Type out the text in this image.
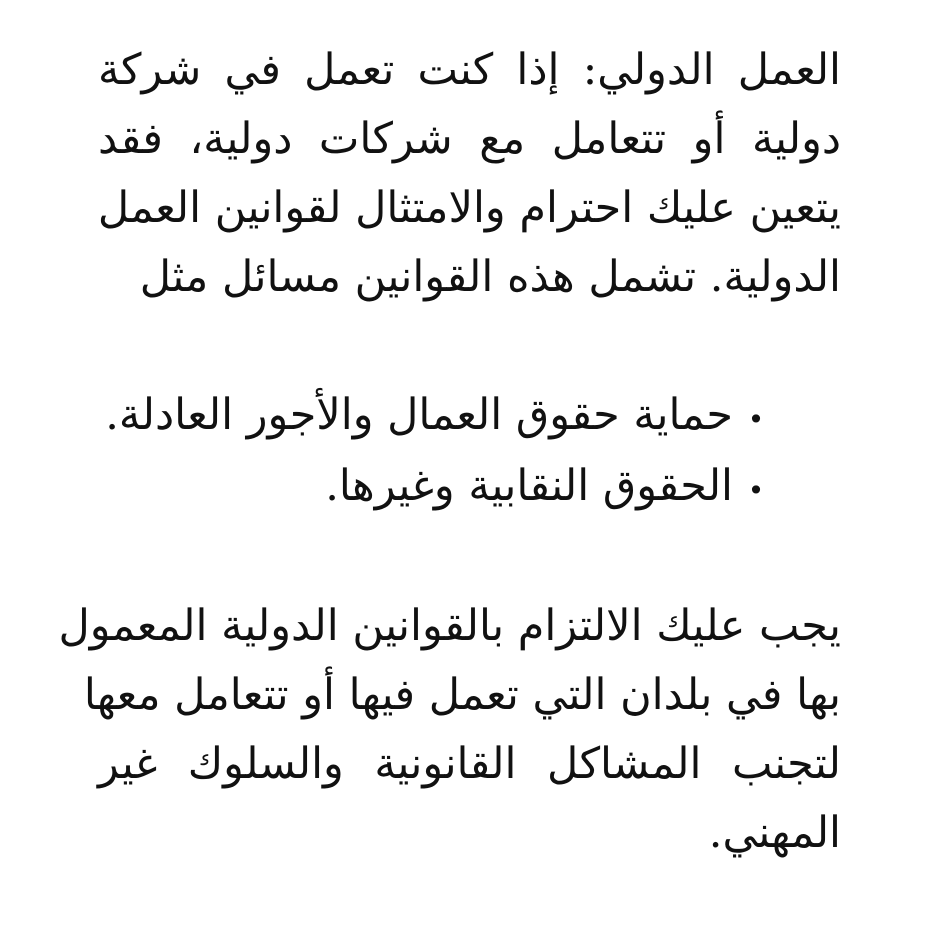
العمل الدولي: إذا كنت تعمل في شركة
دولية أو تتعامل مع شركات دولية، فقد
يتعين عليك احترام والامتثال لقوانين العمل
الدولية. تشمل هذه القوانين مسائل مثل

•
حماية حقوق العمال والأجور العادلة.
•
الحقوق النقابية وغيرها.

يجب عليك الالتزام بالقوانين الدولية المعمول
بها في بلدان التي تعمل فيها أو تتعامل معها
لتجنب المشاكل القانونية والسلوك غير
المهني.
